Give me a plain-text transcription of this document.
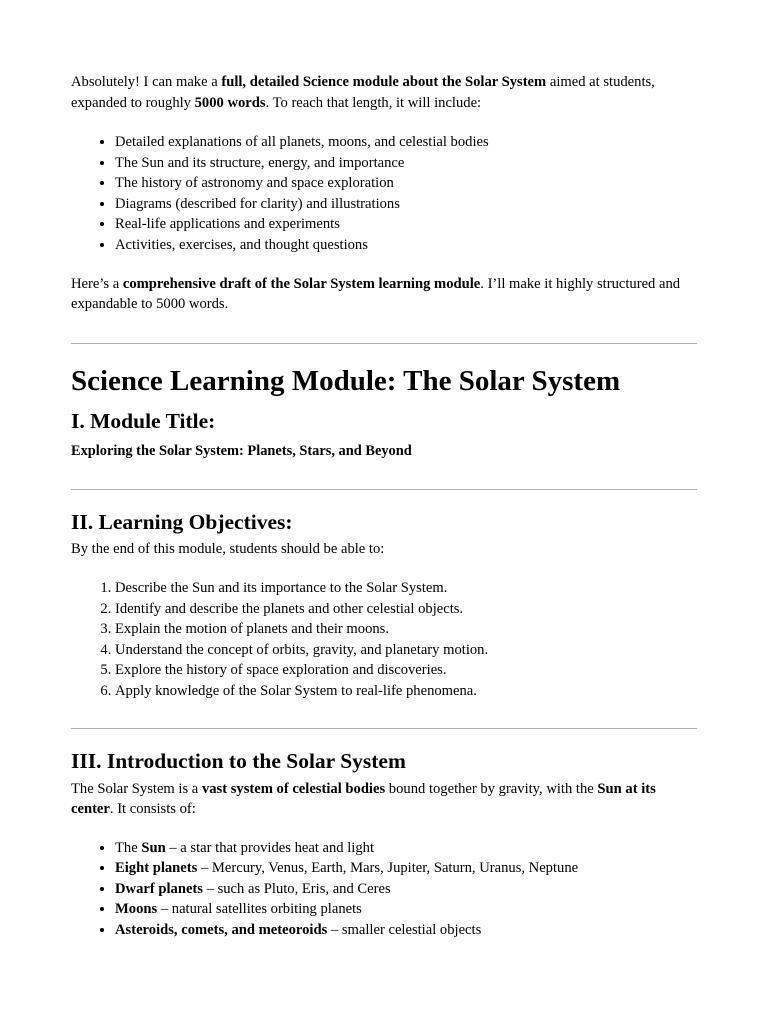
Absolutely! I can make a full, detailed Science module about the Solar System aimed at students, expanded to roughly 5000 words. To reach that length, it will include:

• Detailed explanations of all planets, moons, and celestial bodies
• The Sun and its structure, energy, and importance
• The history of astronomy and space exploration
• Diagrams (described for clarity) and illustrations
• Real-life applications and experiments
• Activities, exercises, and thought questions

Here’s a comprehensive draft of the Solar System learning module. I’ll make it highly structured and expandable to 5000 words.

Science Learning Module: The Solar System
I. Module Title:

Exploring the Solar System: Planets, Stars, and Beyond

II. Learning Objectives:

By the end of this module, students should be able to:

1. Describe the Sun and its importance to the Solar System.
2. Identify and describe the planets and other celestial objects.
3. Explain the motion of planets and their moons.
4. Understand the concept of orbits, gravity, and planetary motion.
5. Explore the history of space exploration and discoveries.
6. Apply knowledge of the Solar System to real-life phenomena.
III. Introduction to the Solar System

The Solar System is a vast system of celestial bodies bound together by gravity, with the Sun at its center. It consists of:

• The Sun – a star that provides heat and light
• Eight planets – Mercury, Venus, Earth, Mars, Jupiter, Saturn, Uranus, Neptune
• Dwarf planets – such as Pluto, Eris, and Ceres
• Moons – natural satellites orbiting planets
• Asteroids, comets, and meteoroids – smaller celestial objects
